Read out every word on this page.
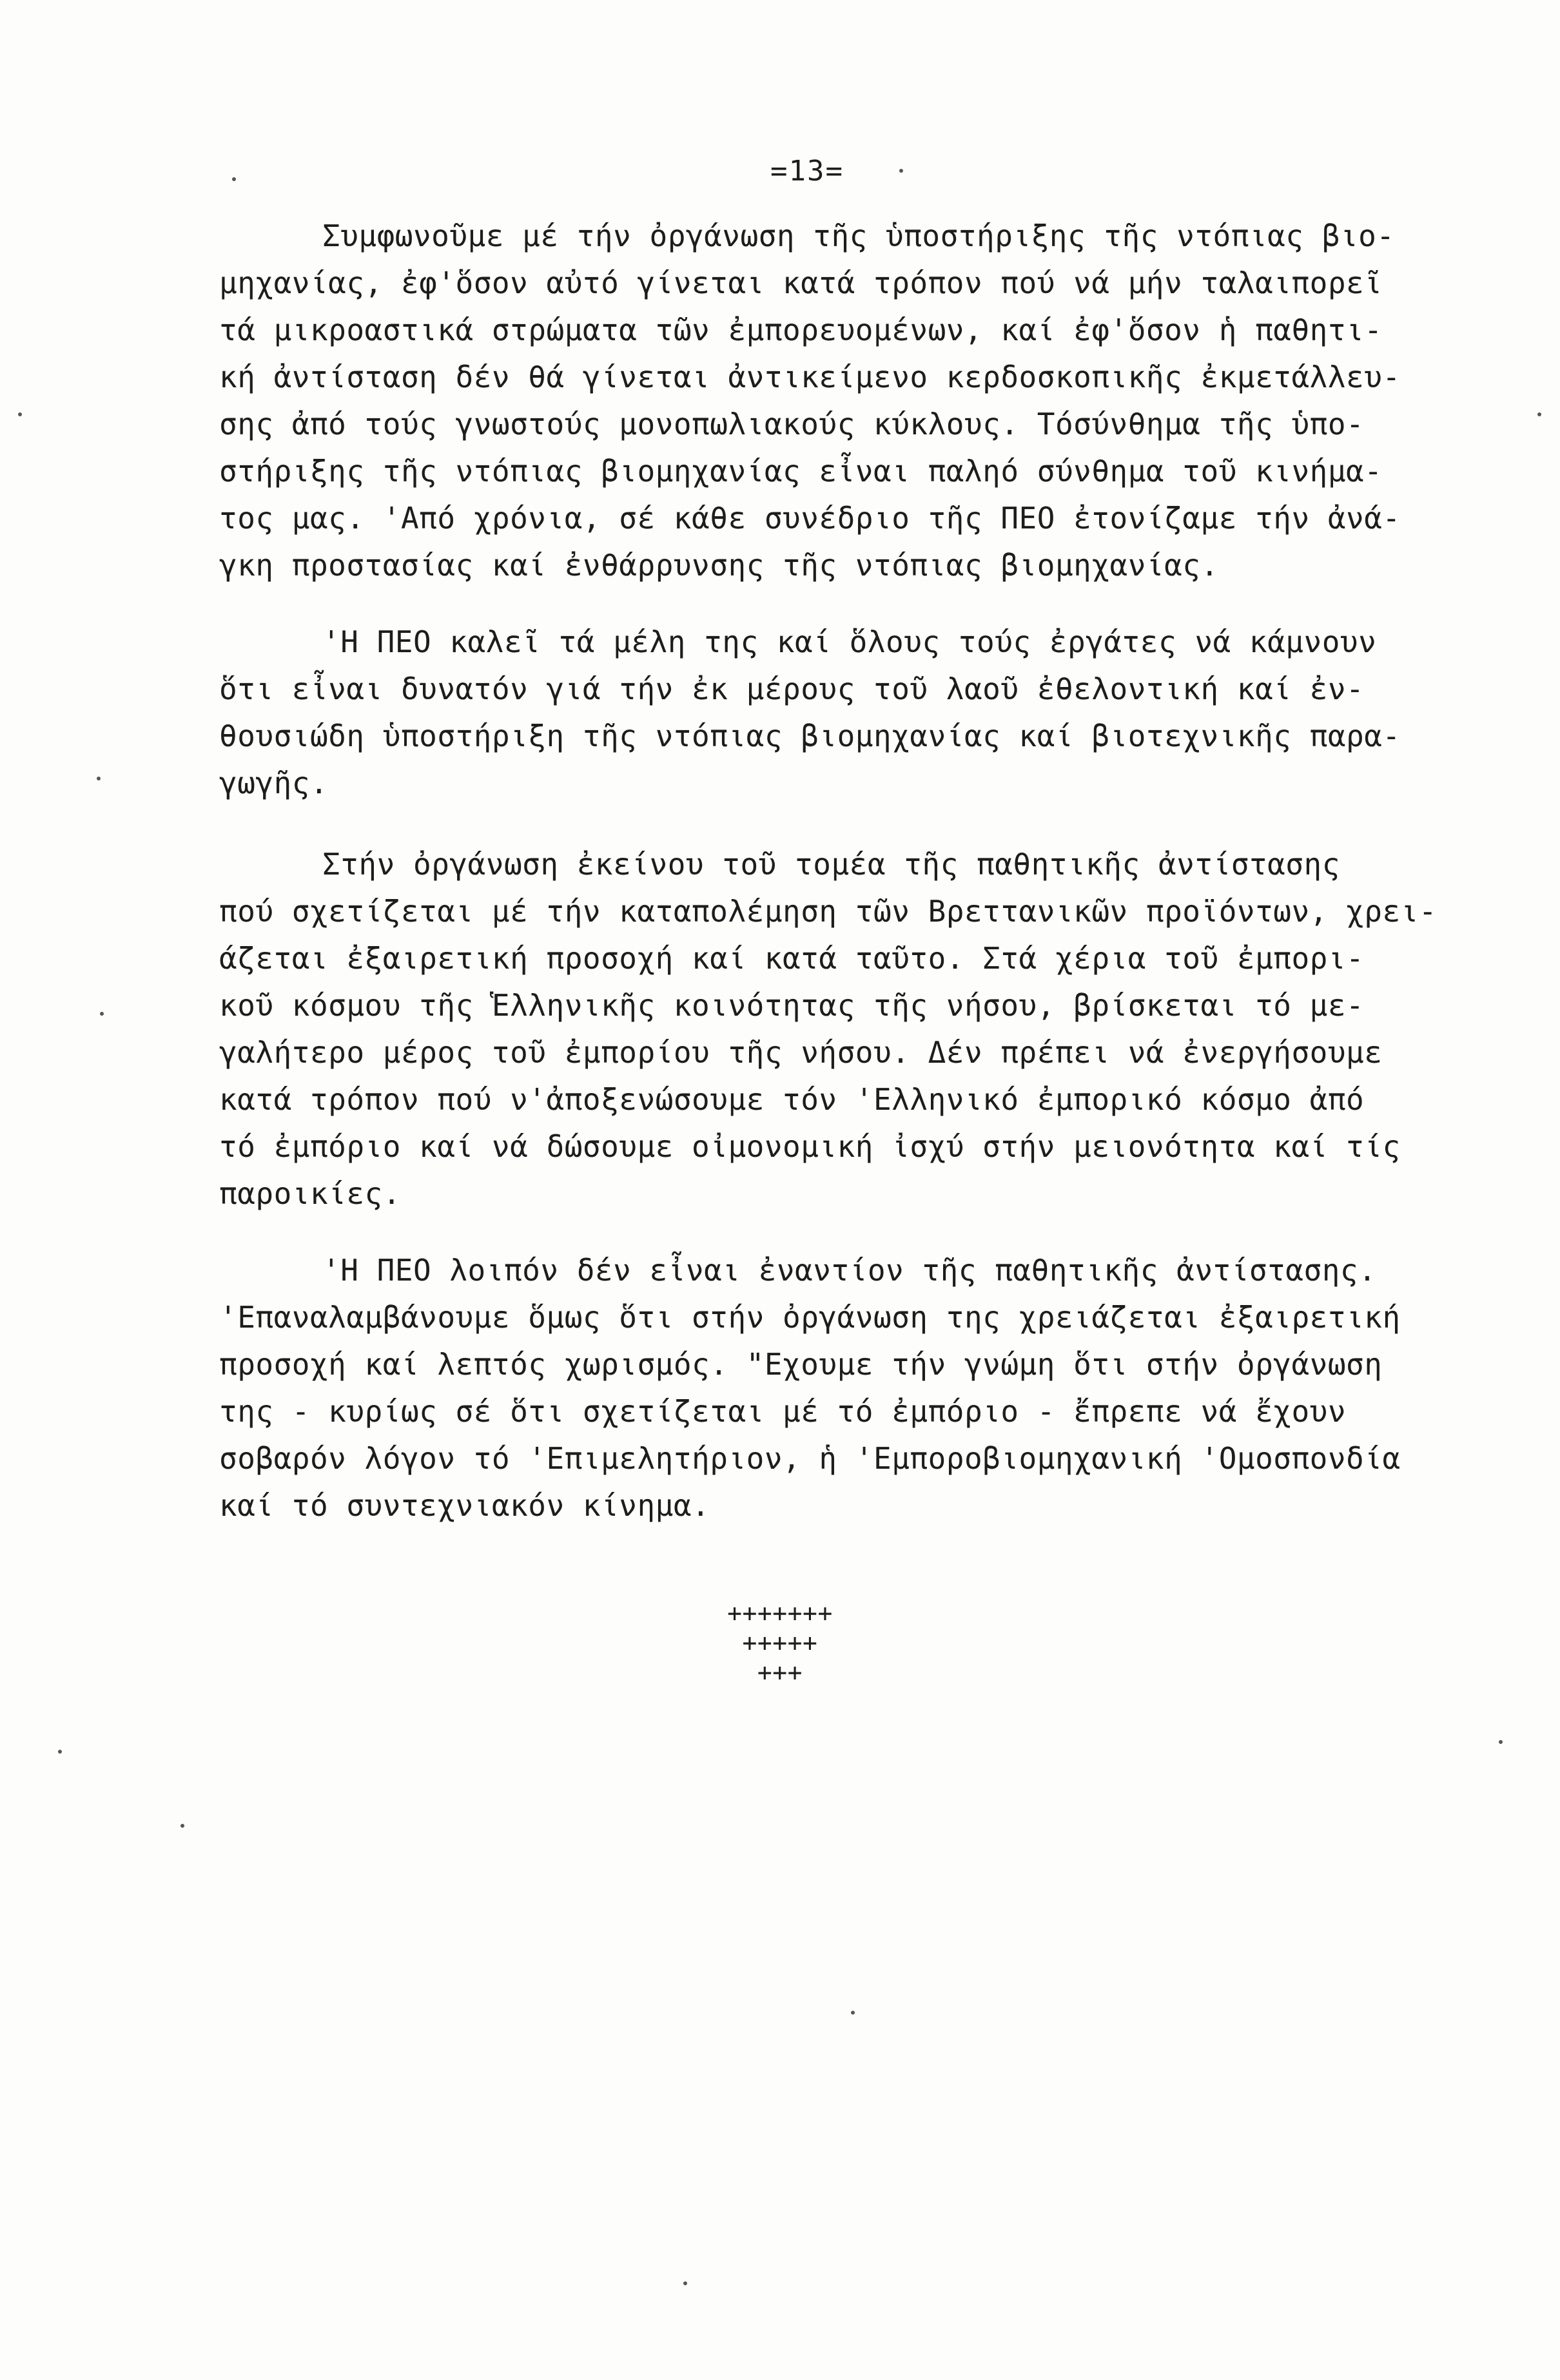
=13=
Συμφωνοῦμε μέ τήν ὀργάνωση τῆς ὑποστήριξης τῆς ντόπιας βιο-
μηχανίας, ἐφ'ὅσον αὐτό γίνεται κατά τρόπον πού νά μήν ταλαιπορεῖ
τά μικροαστικά στρώματα τῶν ἐμπορευομένων, καί ἐφ'ὅσον ἡ παθητι-
κή ἀντίσταση δέν θά γίνεται ἀντικείμενο κερδοσκοπικῆς ἐκμετάλλευ-
σης ἀπό τούς γνωστούς μονοπωλιακούς κύκλους. Τόσύνθημα τῆς ὑπο-
στήριξης τῆς ντόπιας βιομηχανίας εἶναι παληό σύνθημα τοῦ κινήμα-
τος μας. 'Από χρόνια, σέ κάθε συνέδριο τῆς ΠΕΟ ἐτονίζαμε τήν ἀνά-
γκη προστασίας καί ἐνθάρρυνσης τῆς ντόπιας βιομηχανίας.
'Η ΠΕΟ καλεῖ τά μέλη της καί ὅλους τούς ἐργάτες νά κάμνουν
ὅτι εἶναι δυνατόν γιά τήν ἐκ μέρους τοῦ λαοῦ ἐθελοντική καί ἐν-
θουσιώδη ὑποστήριξη τῆς ντόπιας βιομηχανίας καί βιοτεχνικῆς παρα-
γωγῆς.
Στήν ὀργάνωση ἐκείνου τοῦ τομέα τῆς παθητικῆς ἀντίστασης
πού σχετίζεται μέ τήν καταπολέμηση τῶν Βρεττανικῶν προϊόντων, χρει-
άζεται ἐξαιρετική προσοχή καί κατά ταῦτο. Στά χέρια τοῦ ἐμπορι-
κοῦ κόσμου τῆς Ἑλληνικῆς κοινότητας τῆς νήσου, βρίσκεται τό με-
γαλήτερο μέρος τοῦ ἐμπορίου τῆς νήσου. Δέν πρέπει νά ἐνεργήσουμε
κατά τρόπον πού ν'ἀποξενώσουμε τόν 'Ελληνικό ἐμπορικό κόσμο ἀπό
τό ἐμπόριο καί νά δώσουμε οἰμονομική ἰσχύ στήν μειονότητα καί τίς
παροικίες.
'Η ΠΕΟ λοιπόν δέν εἶναι ἐναντίον τῆς παθητικῆς ἀντίστασης.
'Επαναλαμβάνουμε ὅμως ὅτι στήν ὀργάνωση της χρειάζεται ἐξαιρετική
προσοχή καί λεπτός χωρισμός. "Εχουμε τήν γνώμη ὅτι στήν ὀργάνωση
της - κυρίως σέ ὅτι σχετίζεται μέ τό ἐμπόριο - ἔπρεπε νά ἔχουν
σοβαρόν λόγον τό 'Επιμελητήριον, ἡ 'Εμποροβιομηχανική 'Ομοσπονδία
καί τό συντεχνιακόν κίνημα.
+++++++
+++++
+++
